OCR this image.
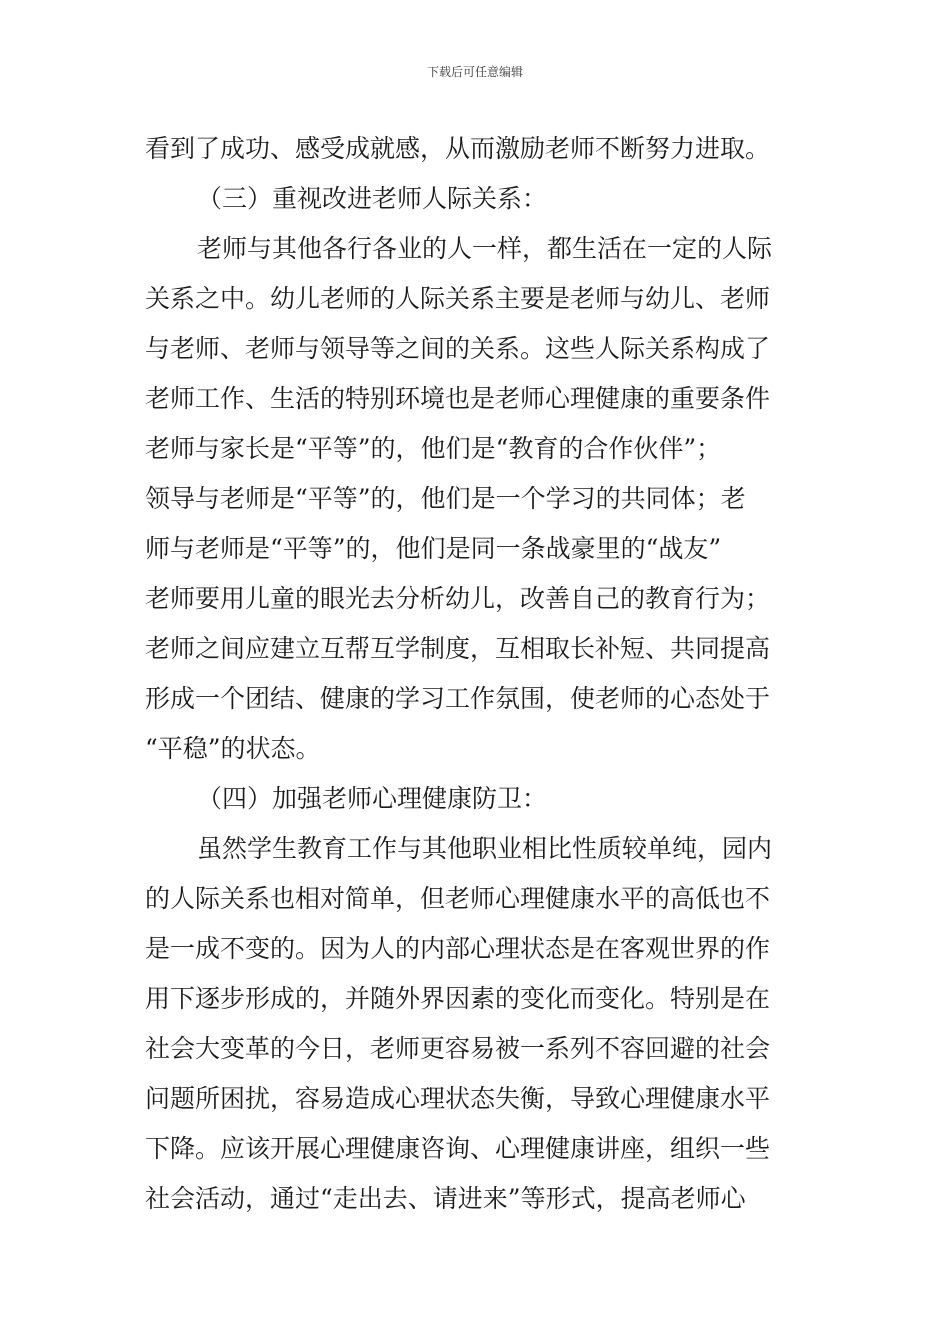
下载后可任意编辑
看到了成功、感受成就感，从而激励老师不断努力进取。
（三）重视改进老师人际关系：
老师与其他各行各业的人一样，都生活在一定的人际
关系之中。幼儿老师的人际关系主要是老师与幼儿、老师
与老师、老师与领导等之间的关系。这些人际关系构成了
老师工作、生活的特别环境也是老师心理健康的重要条件
老师与家长是“平等”的，他们是“教育的合作伙伴”；
领导与老师是“平等”的，他们是一个学习的共同体；老
师与老师是“平等”的，他们是同一条战豪里的“战友”
老师要用儿童的眼光去分析幼儿，改善自己的教育行为；
老师之间应建立互帮互学制度，互相取长补短、共同提高
形成一个团结、健康的学习工作氛围，使老师的心态处于
“平稳”的状态。
（四）加强老师心理健康防卫：
虽然学生教育工作与其他职业相比性质较单纯，园内
的人际关系也相对简单，但老师心理健康水平的高低也不
是一成不变的。因为人的内部心理状态是在客观世界的作
用下逐步形成的，并随外界因素的变化而变化。特别是在
社会大变革的今日，老师更容易被一系列不容回避的社会
问题所困扰，容易造成心理状态失衡，导致心理健康水平
下降。应该开展心理健康咨询、心理健康讲座，组织一些
社会活动，通过“走出去、请进来”等形式，提高老师心
